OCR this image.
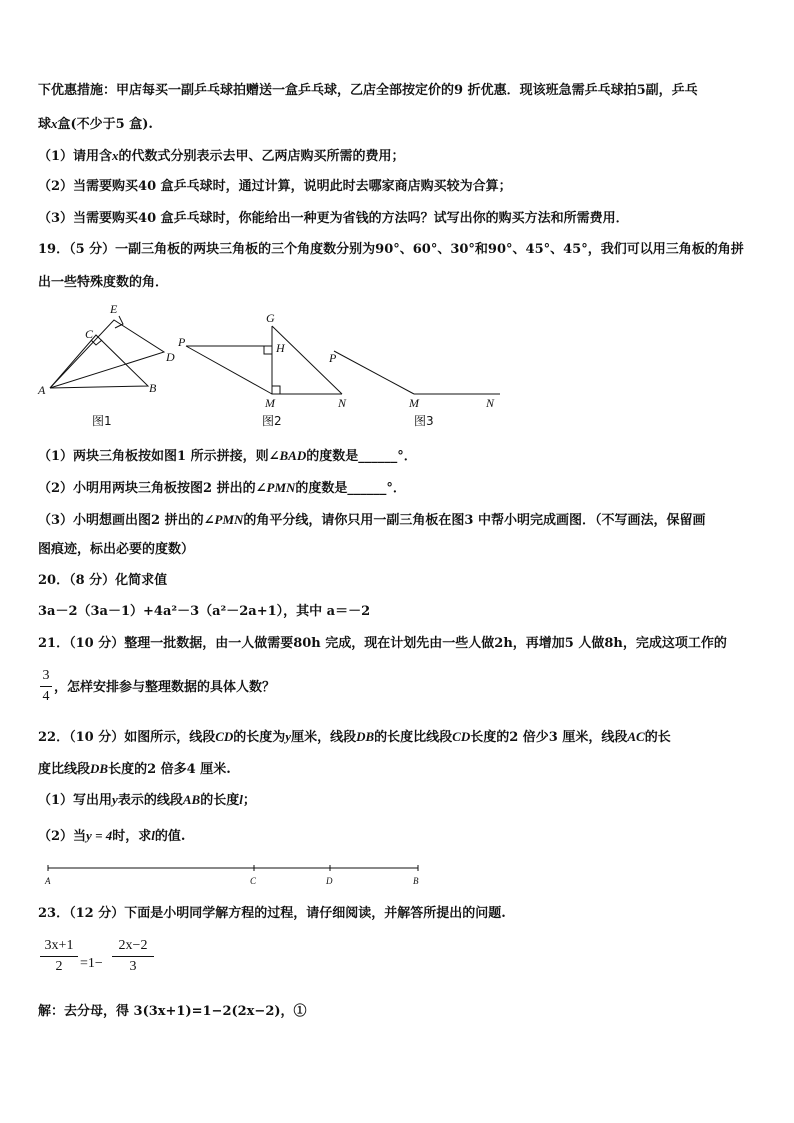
下优惠措施：甲店每买一副乒乓球拍赠送一盒乒乓球，乙店全部按定价的9 折优惠．现该班急需乒乓球拍5副，乒乓
球x盒(不少于5 盒).
（1）请用含x的代数式分别表示去甲、乙两店购买所需的费用；
（2）当需要购买40 盒乒乓球时，通过计算，说明此时去哪家商店购买较为合算；
（3）当需要购买40 盒乒乓球时，你能给出一种更为省钱的方法吗？试写出你的购买方法和所需费用．
19．（5 分）一副三角板的两块三角板的三个角度数分别为90°、60°、30°和90°、45°、45°，我们可以用三角板的角拼
出一些特殊度数的角．
E
C
D
A	B
图1
G
P	H
M	N
图2
P
M	N
图3
（1）两块三角板按如图1 所示拼接，则∠BAD的度数是______°．
（2）小明用两块三角板按图2 拼出的∠PMN的度数是______°．
（3）小明想画出图2 拼出的∠PMN的角平分线，请你只用一副三角板在图3 中帮小明完成画图．（不写画法，保留画
图痕迹，标出必要的度数）
20．（8 分）化简求值
3a－2（3a－1）+4a²－3（a²－2a+1），其中 a＝－2
21．（10 分）整理一批数据，由一人做需要80h 完成，现在计划先由一些人做2h，再增加5 人做8h，完成这项工作的
3
4
，怎样安排参与整理数据的具体人数？
22．（10 分）如图所示，线段CD的长度为y厘米，线段DB的长度比线段CD长度的2 倍少3 厘米，线段AC的长
度比线段DB长度的2 倍多4 厘米.
（1）写出用y表示的线段AB的长度l；
（2）当y = 4时，求l的值.
A	C	D	B
23．（12 分）下面是小明同学解方程的过程，请仔细阅读，并解答所提出的问题.
3x+1
2	=1−
2x−2
3
解：去分母，得 3(3x+1)=1−2(2x−2)，①
